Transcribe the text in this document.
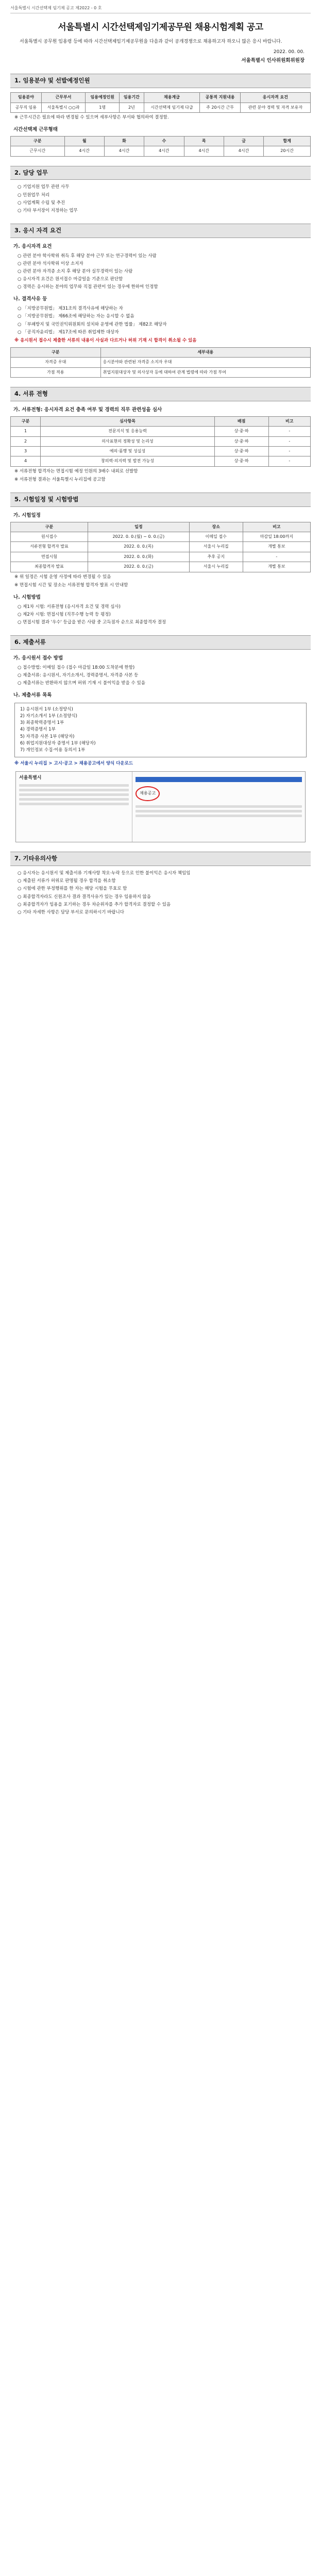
서울특별시 시간선택제 임기제 공고 제2022 - 0 호
서울특별시 시간선택제임기제공무원 채용시험계획 공고
서울특별시 공무원 임용령 등에 따라 시간선택제임기제공무원을 다음과 같이 공개경쟁으로 채용하고자 하오니 많은 응시 바랍니다.
2022. 00. 00.
서울특별시 인사위원회위원장
1. 임용분야 및 선발예정인원
임용분야	근무부서	임용예정인원	임용기간	채용계급	공통적 지원내용	응시자격 요건
공무직 임용	서울특별시 ○○과	1명	2년	시간선택제 임기제 다급	주 20시간 근무	관련 분야 경력 및 자격 보유자
※ 근무시간은 필요에 따라 변경될 수 있으며 세부사항은 부서와 협의하여 결정함.
시간선택제 근무형태
구분	월	화	수	목	금	합계
근무시간	4시간	4시간	4시간	4시간	4시간	20시간
2. 담당 업무
○ 기업지원 업무 관련 사무
○ 민원업무 처리
○ 사업계획 수립 및 추진
○ 기타 부서장이 지정하는 업무
3. 응시 자격 요건
가. 응시자격 요건
○ 관련 분야 학사학위 취득 후 해당 분야 근무 또는 연구경력이 있는 사람
○ 관련 분야 석사학위 이상 소지자
○ 관련 분야 자격증 소지 후 해당 분야 실무경력이 있는 사람
○ 응시자격 요건은 원서접수 마감일을 기준으로 판단함
○ 경력은 응시하는 분야의 업무와 직접 관련이 있는 경우에 한하여 인정함
나. 결격사유 등
○ 「지방공무원법」 제31조의 결격사유에 해당하는 자
○ 「지방공무원법」 제66조에 해당하는 자는 응시할 수 없음
○ 「부패방지 및 국민권익위원회의 설치와 운영에 관한 법률」 제82조 해당자
○ 「공직자윤리법」 제17조에 따른 취업제한 대상자
※ 응시원서 접수시 제출한 서류의 내용이 사실과 다르거나 허위 기재 시 합격이 취소될 수 있음
구분	세부내용
자격증 우대	응시분야와 관련된 자격증 소지자 우대
가점 적용	취업지원대상자 및 의사상자 등에 대하여 관계 법령에 따라 가점 부여
4. 서류 전형
가. 서류전형: 응시자격 요건 충족 여부 및 경력의 직무 관련성을 심사
구분	심사항목	배점	비고
1	전문지식 및 응용능력	상·중·하	-
2	의사표현의 정확성 및 논리성	상·중·하	-
3	예의·품행 및 성실성	상·중·하	-
4	창의력·의지력 및 발전 가능성	상·중·하	-
※ 서류전형 합격자는 면접시험 예정 인원의 3배수 내외로 선발함
※ 서류전형 결과는 서울특별시 누리집에 공고함
5. 시험일정 및 시험방법
가. 시험일정
구분	일정	장소	비고
원서접수	2022. 0. 0.(월) ~ 0. 0.(금)	이메일 접수	마감일 18:00까지
서류전형 합격자 발표	2022. 0. 0.(목)	서울시 누리집	개별 통보
면접시험	2022. 0. 0.(화)	추후 공지	-
최종합격자 발표	2022. 0. 0.(금)	서울시 누리집	개별 통보
※ 위 일정은 시험 운영 사정에 따라 변경될 수 있음
※ 면접시험 시간 및 장소는 서류전형 합격자 발표 시 안내함
나. 시험방법
○ 제1차 시험: 서류전형 (응시자격 요건 및 경력 심사)
○ 제2차 시험: 면접시험 (직무수행 능력 등 평정)
○ 면접시험 결과 '우수' 등급을 받은 사람 중 고득점자 순으로 최종합격자 결정
6. 제출서류
가. 응시원서 접수 방법
○ 접수방법: 이메일 접수 (접수 마감일 18:00 도착분에 한함)
○ 제출서류: 응시원서, 자기소개서, 경력증명서, 자격증 사본 등
○ 제출서류는 반환하지 않으며 허위 기재 시 불이익을 받을 수 있음
나. 제출서류 목록
1) 응시원서 1부 (소정양식)
2) 자기소개서 1부 (소정양식)
3) 최종학력증명서 1부
4) 경력증명서 1부
5) 자격증 사본 1부 (해당자)
6) 취업지원대상자 증명서 1부 (해당자)
7) 개인정보 수집·이용 동의서 1부
※ 서울시 누리집 > 고시·공고 > 채용공고에서 양식 다운로드
서울특별시
채용공고
7. 기타유의사항
○ 응시자는 응시원서 및 제출서류 기재사항 착오·누락 등으로 인한 불이익은 응시자 책임임
○ 제출된 서류가 허위로 판명될 경우 합격을 취소함
○ 시험에 관한 부정행위를 한 자는 해당 시험을 무효로 함
○ 최종합격자라도 신원조사 결과 결격사유가 있는 경우 임용하지 않음
○ 최종합격자가 임용을 포기하는 경우 차순위자를 추가 합격자로 결정할 수 있음
○ 기타 자세한 사항은 담당 부서로 문의하시기 바랍니다
